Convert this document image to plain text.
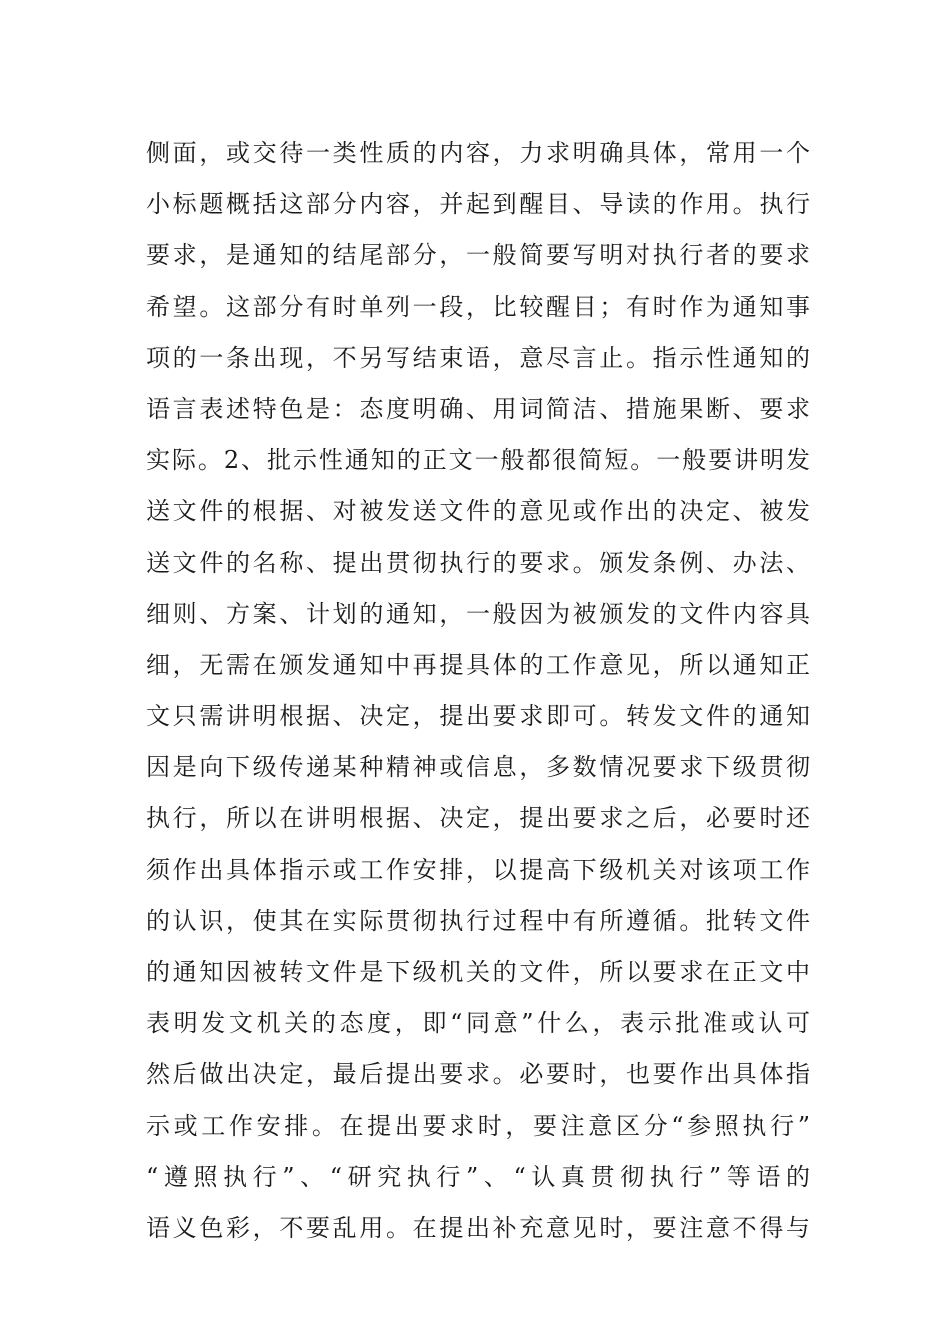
侧面，或交待一类性质的内容，力求明确具体，常用一个
小标题概括这部分内容，并起到醒目、导读的作用。执行
要求，是通知的结尾部分，一般简要写明对执行者的要求
希望。这部分有时单列一段，比较醒目；有时作为通知事
项的一条出现，不另写结束语，意尽言止。指示性通知的
语言表述特色是：态度明确、用词简洁、措施果断、要求
实际。2、批示性通知的正文一般都很简短。一般要讲明发
送文件的根据、对被发送文件的意见或作出的决定、被发
送文件的名称、提出贯彻执行的要求。颁发条例、办法、
细则、方案、计划的通知，一般因为被颁发的文件内容具
细，无需在颁发通知中再提具体的工作意见，所以通知正
文只需讲明根据、决定，提出要求即可。转发文件的通知
因是向下级传递某种精神或信息，多数情况要求下级贯彻
执行，所以在讲明根据、决定，提出要求之后，必要时还
须作出具体指示或工作安排，以提高下级机关对该项工作
的认识，使其在实际贯彻执行过程中有所遵循。批转文件
的通知因被转文件是下级机关的文件，所以要求在正文中
表明发文机关的态度，即“同意”什么，表示批准或认可
然后做出决定，最后提出要求。必要时，也要作出具体指
示或工作安排。在提出要求时，要注意区分“参照执行”
“遵照执行”、“研究执行”、“认真贯彻执行”等语的
语义色彩，不要乱用。在提出补充意见时，要注意不得与
